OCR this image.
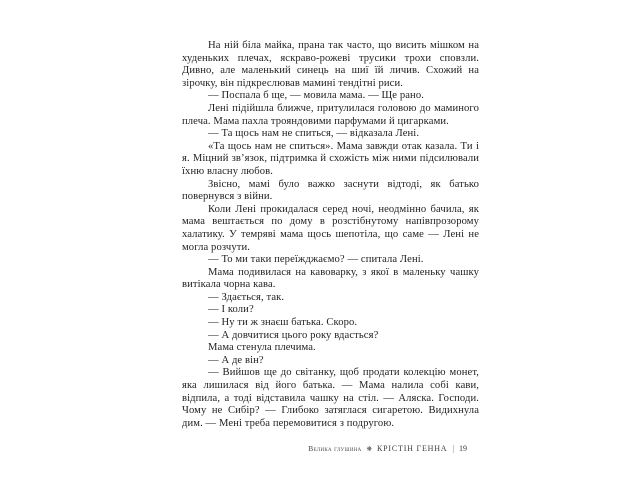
На ній біла майка, прана так часто, що висить мішком на худеньких плечах, яскраво-рожеві трусики трохи сповзли. Дивно, але маленький синець на шиї їй личив. Схожий на зірочку, він підкреслював мамині тендітні риси.

— Поспала б ще, — мовила мама. — Ще рано.

Лені підійшла ближче, притулилася головою до маминого плеча. Мама пахла трояндовими парфумами й цигарками.

— Та щось нам не спиться, — відказала Лені.

«Та щось нам не спиться». Мама завжди отак казала. Ти і я. Міцний зв’язок, підтримка й схожість між ними підсилювали їхню власну любов.

Звісно, мамі було важко заснути відтоді, як батько повернувся з війни.

Коли Лені прокидалася серед ночі, неодмінно бачила, як мама вештається по дому в розстібнутому напівпрозорому халатику. У темряві мама щось шепотіла, що саме — Лені не могла розчути.

— То ми таки переїжджаємо? — спитала Лені.

Мама подивилася на кавоварку, з якої в маленьку чашку витікала чорна кава.

— Здається, так.

— І коли?

— Ну ти ж знаєш батька. Скоро.

— А довчитися цього року вдасться?

Мама стенула плечима.

— А де він?

— Вийшов ще до світанку, щоб продати колекцію монет, яка лишилася від його батька. — Мама налила собі кави, відпила, а тоді відставила чашку на стіл. — Аляска. Господи. Чому не Сибір? — Глибоко затяглася сигаретою. Видихнула дим. — Мені треба перемовитися з подругою.

Велика глушина ❋ КРІСТІН ГЕННА | 19
